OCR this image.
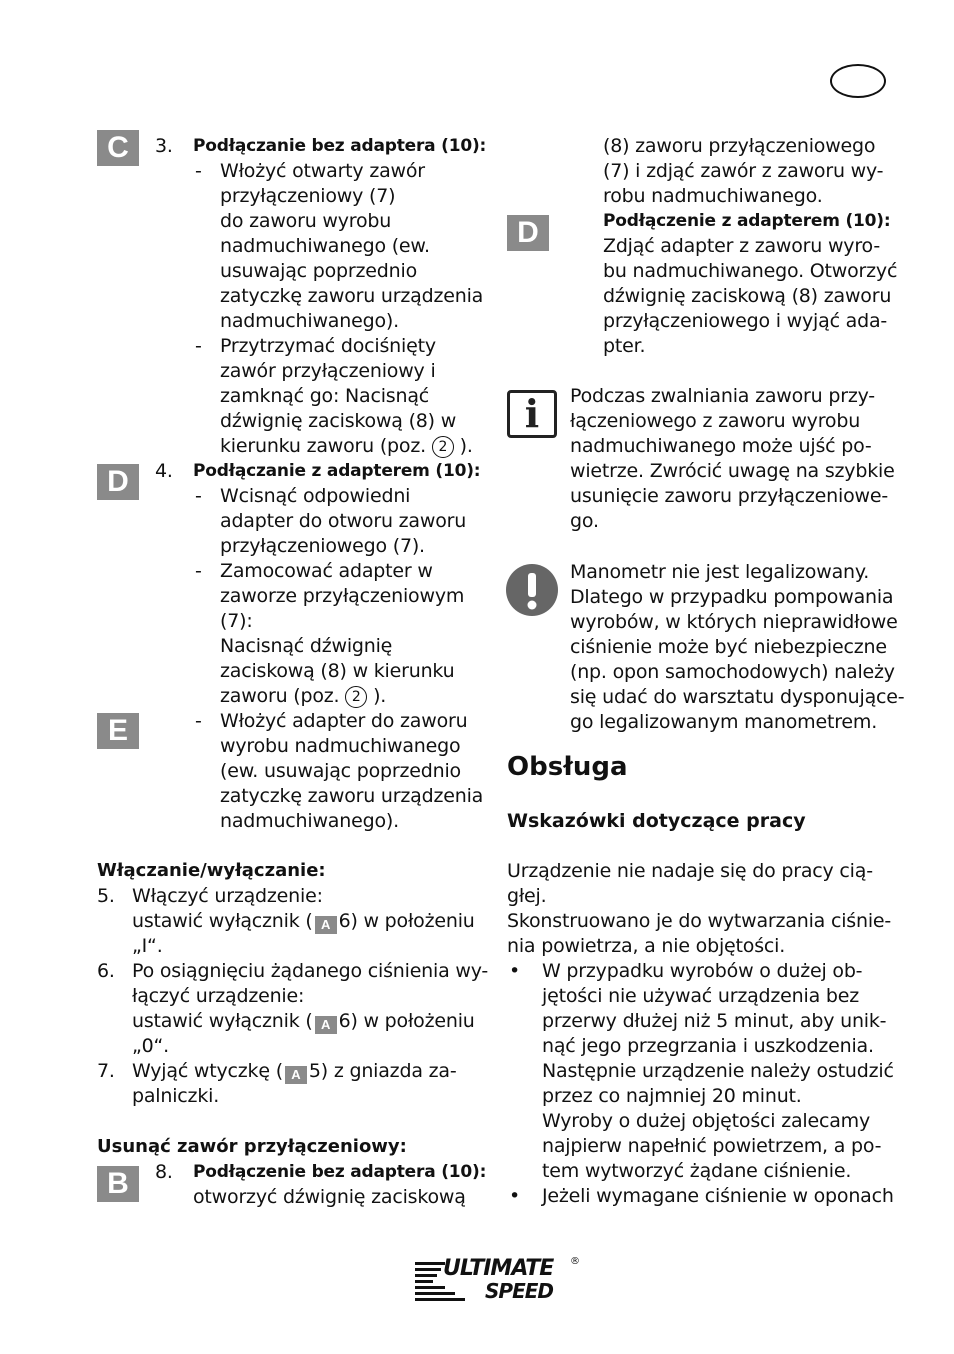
C
D
E
B
D
3. Podłączanie bez adaptera (10):
- Włożyć otwarty zawór
przyłączeniowy (7)
do zaworu wyrobu
nadmuchiwanego (ew.
usuwając poprzednio
zatyczkę zaworu urządzenia
nadmuchiwanego).
- Przytrzymać dociśnięty
zawór przyłączeniowy i
zamknąć go: Nacisnąć
dźwignię zaciskową (8) w
kierunku zaworu (poz. 2 ).
4. Podłączanie z adapterem (10):
- Wcisnąć odpowiedni
adapter do otworu zaworu
przyłączeniowego (7).
- Zamocować adapter w
zaworze przyłączeniowym
(7):
Nacisnąć dźwignię
zaciskową (8) w kierunku
zaworu (poz. 2 ).
- Włożyć adapter do zaworu
wyrobu nadmuchiwanego
(ew. usuwając poprzednio
zatyczkę zaworu urządzenia
nadmuchiwanego).
Włączanie/wyłączanie:
5. Włączyć urządzenie:
ustawić wyłącznik ( A 6) w położeniu
„I“.
6. Po osiągnięciu żądanego ciśnienia wy-
łączyć urządzenie:
ustawić wyłącznik ( A 6) w położeniu
„0“.
7. Wyjąć wtyczkę ( A 5) z gniazda za-
palniczki.
Usunąć zawór przyłączeniowy:
8. Podłączenie bez adaptera (10):
otworzyć dźwignię zaciskową
(8) zaworu przyłączeniowego
(7) i zdjąć zawór z zaworu wy-
robu nadmuchiwanego.
Podłączenie z adapterem (10):
Zdjąć adapter z zaworu wyro-
bu nadmuchiwanego. Otworzyć
dźwignię zaciskową (8) zaworu
przyłączeniowego i wyjąć ada-
pter.
i	Podczas zwalniania zaworu przy-
łączeniowego z zaworu wyrobu
nadmuchiwanego może ujść po-
wietrze. Zwrócić uwagę na szybkie
usunięcie zaworu przyłączeniowe-
go.
Manometr nie jest legalizowany.
Dlatego w przypadku pompowania
wyrobów, w których nieprawidłowe
ciśnienie może być niebezpieczne
(np. opon samochodowych) należy
się udać do warsztatu dysponujące-
go legalizowanym manometrem.
Obsługa
Wskazówki dotyczące pracy
Urządzenie nie nadaje się do pracy cią-
głej.
Skonstruowano je do wytwarzania ciśnie-
nia powietrza, a nie objętości.
• W przypadku wyrobów o dużej ob-
jętości nie używać urządzenia bez
przerwy dłużej niż 5 minut, aby unik-
nąć jego przegrzania i uszkodzenia.
Następnie urządzenie należy ostudzić
przez co najmniej 20 minut.
Wyroby o dużej objętości zalecamy
najpierw napełnić powietrzem, a po-
tem wytworzyć żądane ciśnienie.
• Jeżeli wymagane ciśnienie w oponach
ULTIMATE
SPEED
®
